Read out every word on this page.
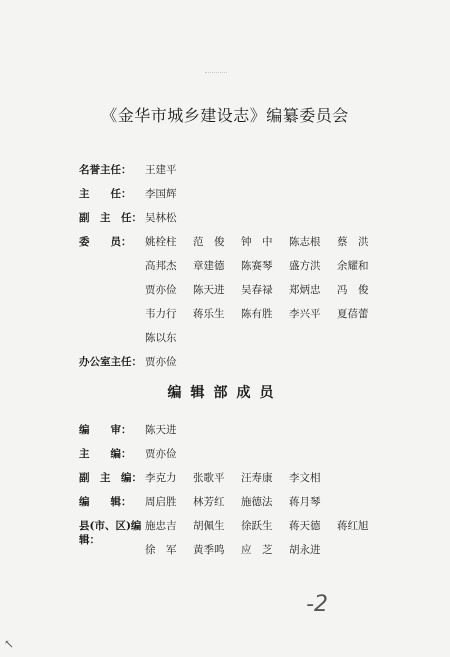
《金华市城乡建设志》编纂委员会
名誉主任：	王建平
主　　任：	李国辉
副　主　任： 吴林松
委　　员：	姚栓柱	范　俊	钟　中	陈志根	蔡　洪
高邦杰	章建德	陈赛琴	盛方洪	余耀和
贾亦俭	陈天进	吴春禄	郑炳忠	冯　俊
韦力行	蒋乐生	陈有胜	李兴平	夏蓓蕾
陈以东
办公室主任： 贾亦俭
编辑部成员
编　　审：	陈天进
主　　编：	贾亦俭
副　主　编： 李克力	张歌平	汪寿康	李文相
编　　辑：	周启胜	林芳红	施德法	蒋月琴
县(市、区)编辑：
施忠吉	胡佩生	徐跃生	蒋天德	蒋红旭
徐　军	黄季鸣	应　芝	胡永进
-2
↖
